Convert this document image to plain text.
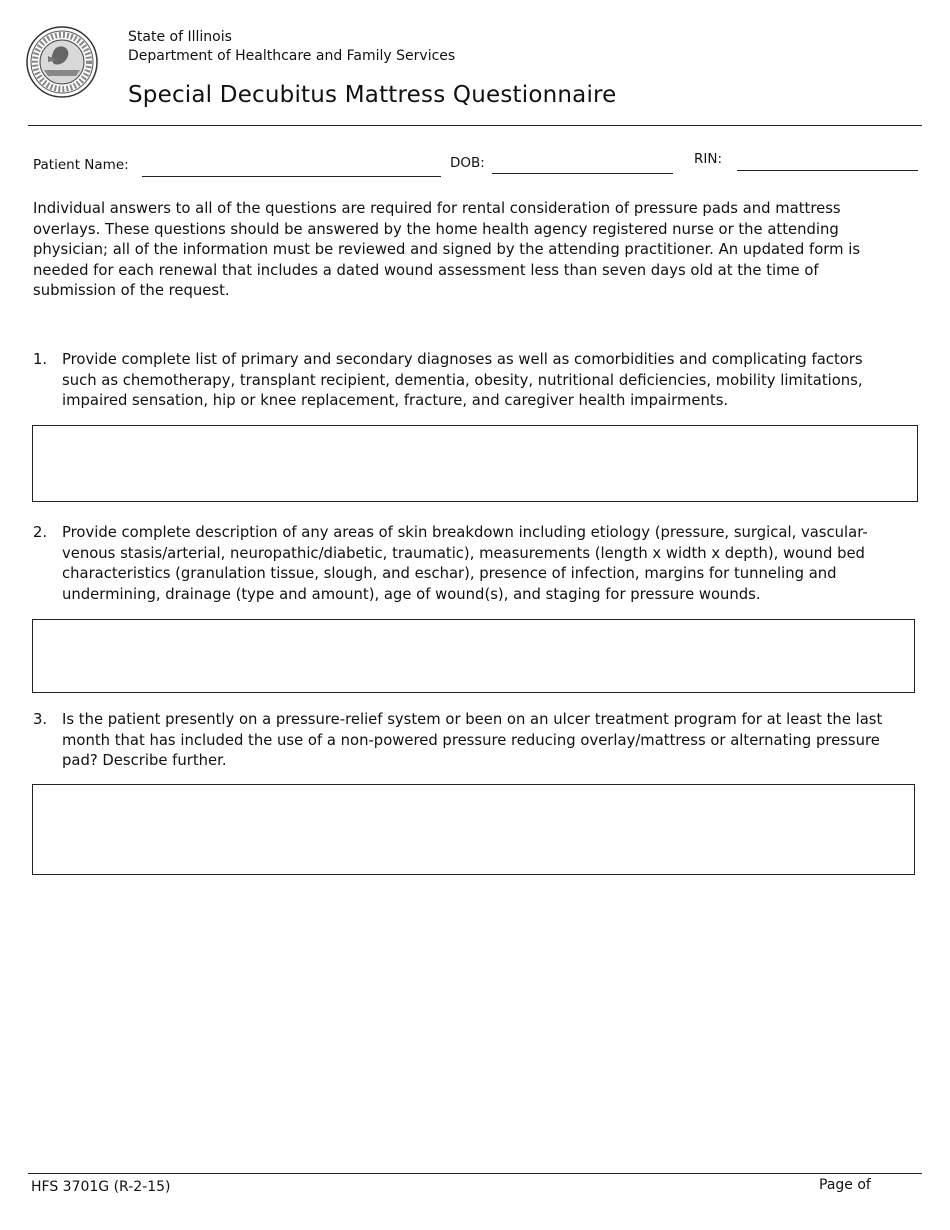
State of Illinois
Department of Healthcare and Family Services
Special Decubitus Mattress Questionnaire
Patient Name:	DOB:	RIN:
Individual answers to all of the questions are required for rental consideration of pressure pads and mattress overlays. These questions should be answered by the home health agency registered nurse or the attending physician; all of the information must be reviewed and signed by the attending practitioner. An updated form is needed for each renewal that includes a dated wound assessment less than seven days old at the time of submission of the request.
1. Provide complete list of primary and secondary diagnoses as well as comorbidities and complicating factors such as chemotherapy, transplant recipient, dementia, obesity, nutritional deficiencies, mobility limitations, impaired sensation, hip or knee replacement, fracture, and caregiver health impairments.
2. Provide complete description of any areas of skin breakdown including etiology (pressure, surgical, vascular-venous stasis/arterial, neuropathic/diabetic, traumatic), measurements (length x width x depth), wound bed characteristics (granulation tissue, slough, and eschar), presence of infection, margins for tunneling and undermining, drainage (type and amount), age of wound(s), and staging for pressure wounds.
3. Is the patient presently on a pressure-relief system or been on an ulcer treatment program for at least the last month that has included the use of a non-powered pressure reducing overlay/mattress or alternating pressure pad? Describe further.
HFS 3701G (R-2-15)	Page of
